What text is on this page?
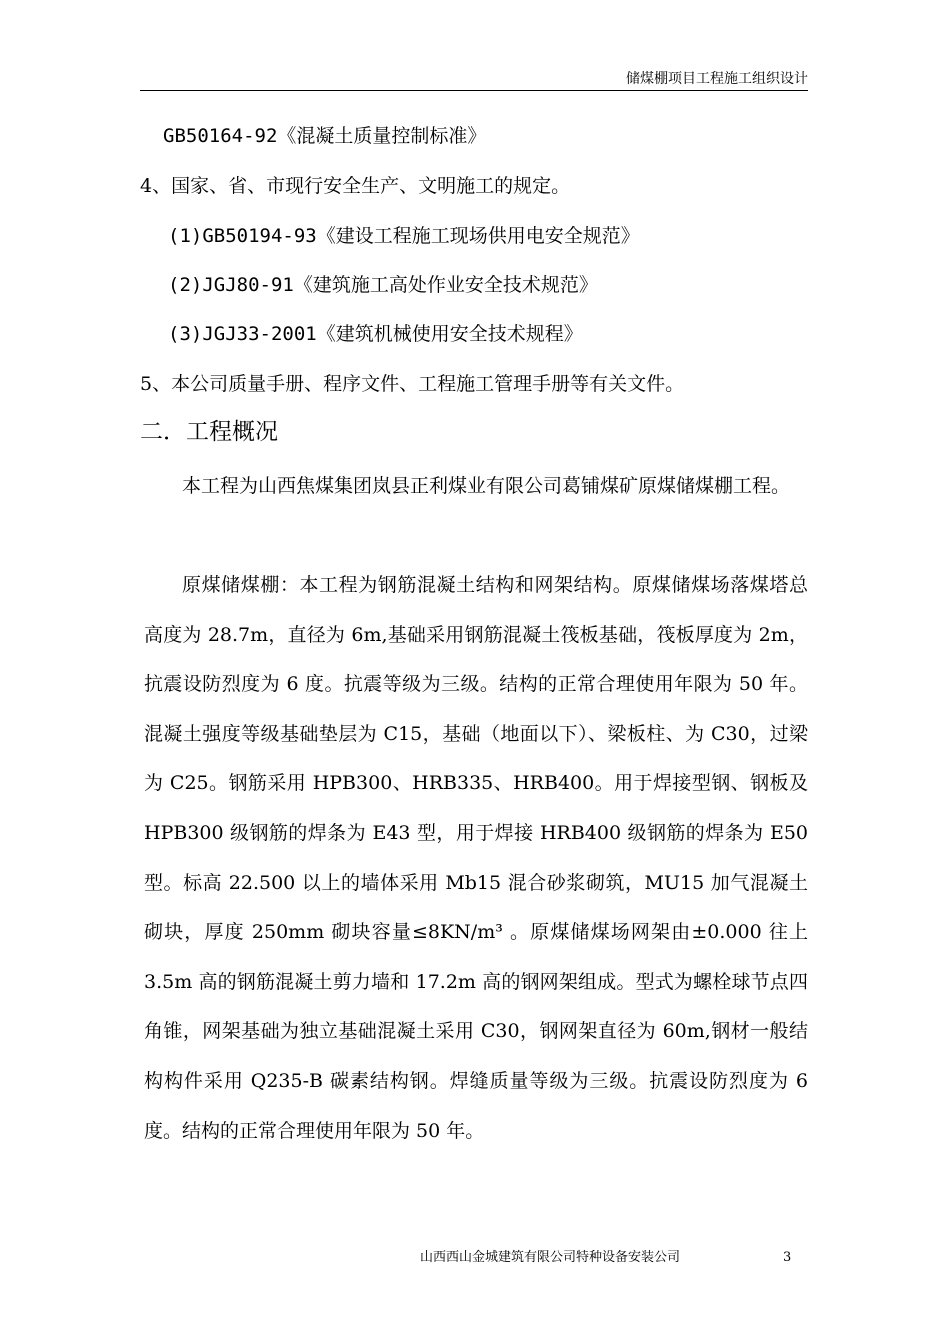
储煤棚项目工程施工组织设计
GB50164-92《混凝土质量控制标准》
4、国家、省、市现行安全生产、文明施工的规定。
(1)GB50194-93《建设工程施工现场供用电安全规范》
(2)JGJ80-91《建筑施工高处作业安全技术规范》
(3)JGJ33-2001《建筑机械使用安全技术规程》
5、本公司质量手册、程序文件、工程施工管理手册等有关文件。
二．工程概况

本工程为山西焦煤集团岚县正利煤业有限公司葛铺煤矿原煤储煤棚工程。

原煤储煤棚：本工程为钢筋混凝土结构和网架结构。原煤储煤场落煤塔总高度为 28.7m，直径为 6m,基础采用钢筋混凝土筏板基础，筏板厚度为 2m，抗震设防烈度为 6 度。抗震等级为三级。结构的正常合理使用年限为 50 年。混凝土强度等级基础垫层为 C15，基础（地面以下）、梁板柱、为 C30，过梁为 C25。钢筋采用 HPB300、HRB335、HRB400。用于焊接型钢、钢板及 HPB300 级钢筋的焊条为 E43 型，用于焊接 HRB400 级钢筋的焊条为 E50 型。标高 22.500 以上的墙体采用 Mb15 混合砂浆砌筑，MU15 加气混凝土砌块，厚度 250mm 砌块容量≤8KN/m³ 。原煤储煤场网架由±0.000 往上 3.5m 高的钢筋混凝土剪力墙和 17.2m 高的钢网架组成。型式为螺栓球节点四角锥，网架基础为独立基础混凝土采用 C30，钢网架直径为 60m,钢材一般结构构件采用 Q235-B 碳素结构钢。焊缝质量等级为三级。抗震设防烈度为 6 度。结构的正常合理使用年限为 50 年。

山西西山金城建筑有限公司特种设备安装公司	3
